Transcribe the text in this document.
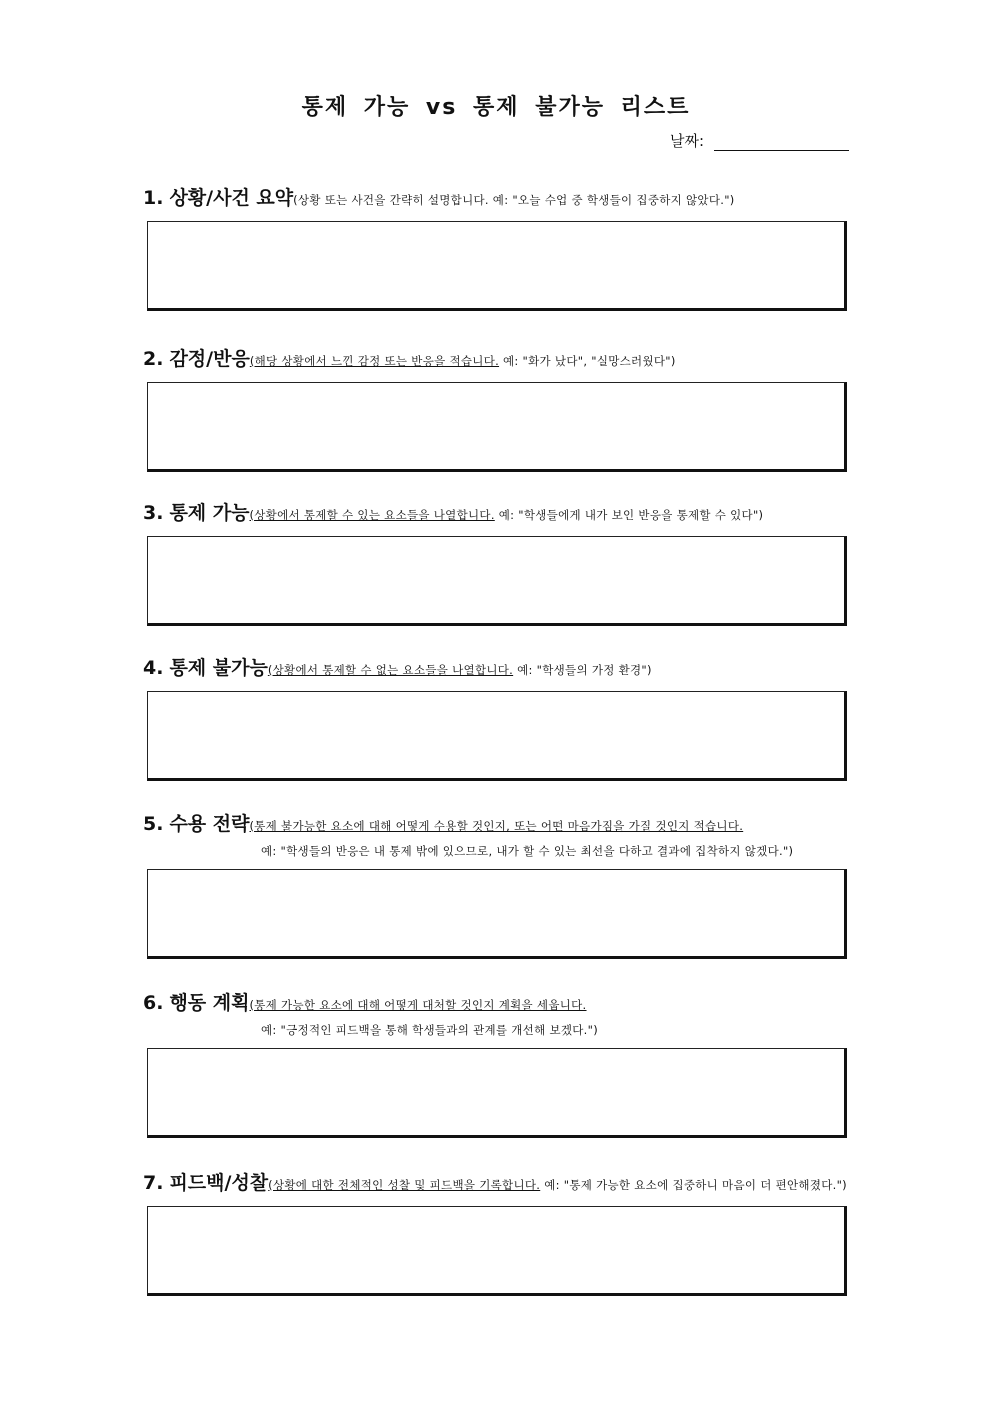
통제 가능 vs 통제 불가능 리스트
날짜:
1. 상황/사건 요약(상황 또는 사건을 간략히 설명합니다. 예: "오늘 수업 중 학생들이 집중하지 않았다.")
2. 감정/반응(해당 상황에서 느낀 감정 또는 반응을 적습니다. 예: "화가 났다", "실망스러웠다")
3. 통제 가능(상황에서 통제할 수 있는 요소들을 나열합니다. 예: "학생들에게 내가 보인 반응을 통제할 수 있다")
4. 통제 불가능(상황에서 통제할 수 없는 요소들을 나열합니다. 예: "학생들의 가정 환경")
5. 수용 전략(통제 불가능한 요소에 대해 어떻게 수용할 것인지, 또는 어떤 마음가짐을 가질 것인지 적습니다.
예: "학생들의 반응은 내 통제 밖에 있으므로, 내가 할 수 있는 최선을 다하고 결과에 집착하지 않겠다.")
6. 행동 계획(통제 가능한 요소에 대해 어떻게 대처할 것인지 계획을 세웁니다.
예: "긍정적인 피드백을 통해 학생들과의 관계를 개선해 보겠다.")
7. 피드백/성찰(상황에 대한 전체적인 성찰 및 피드백을 기록합니다. 예: "통제 가능한 요소에 집중하니 마음이 더 편안해졌다.")
